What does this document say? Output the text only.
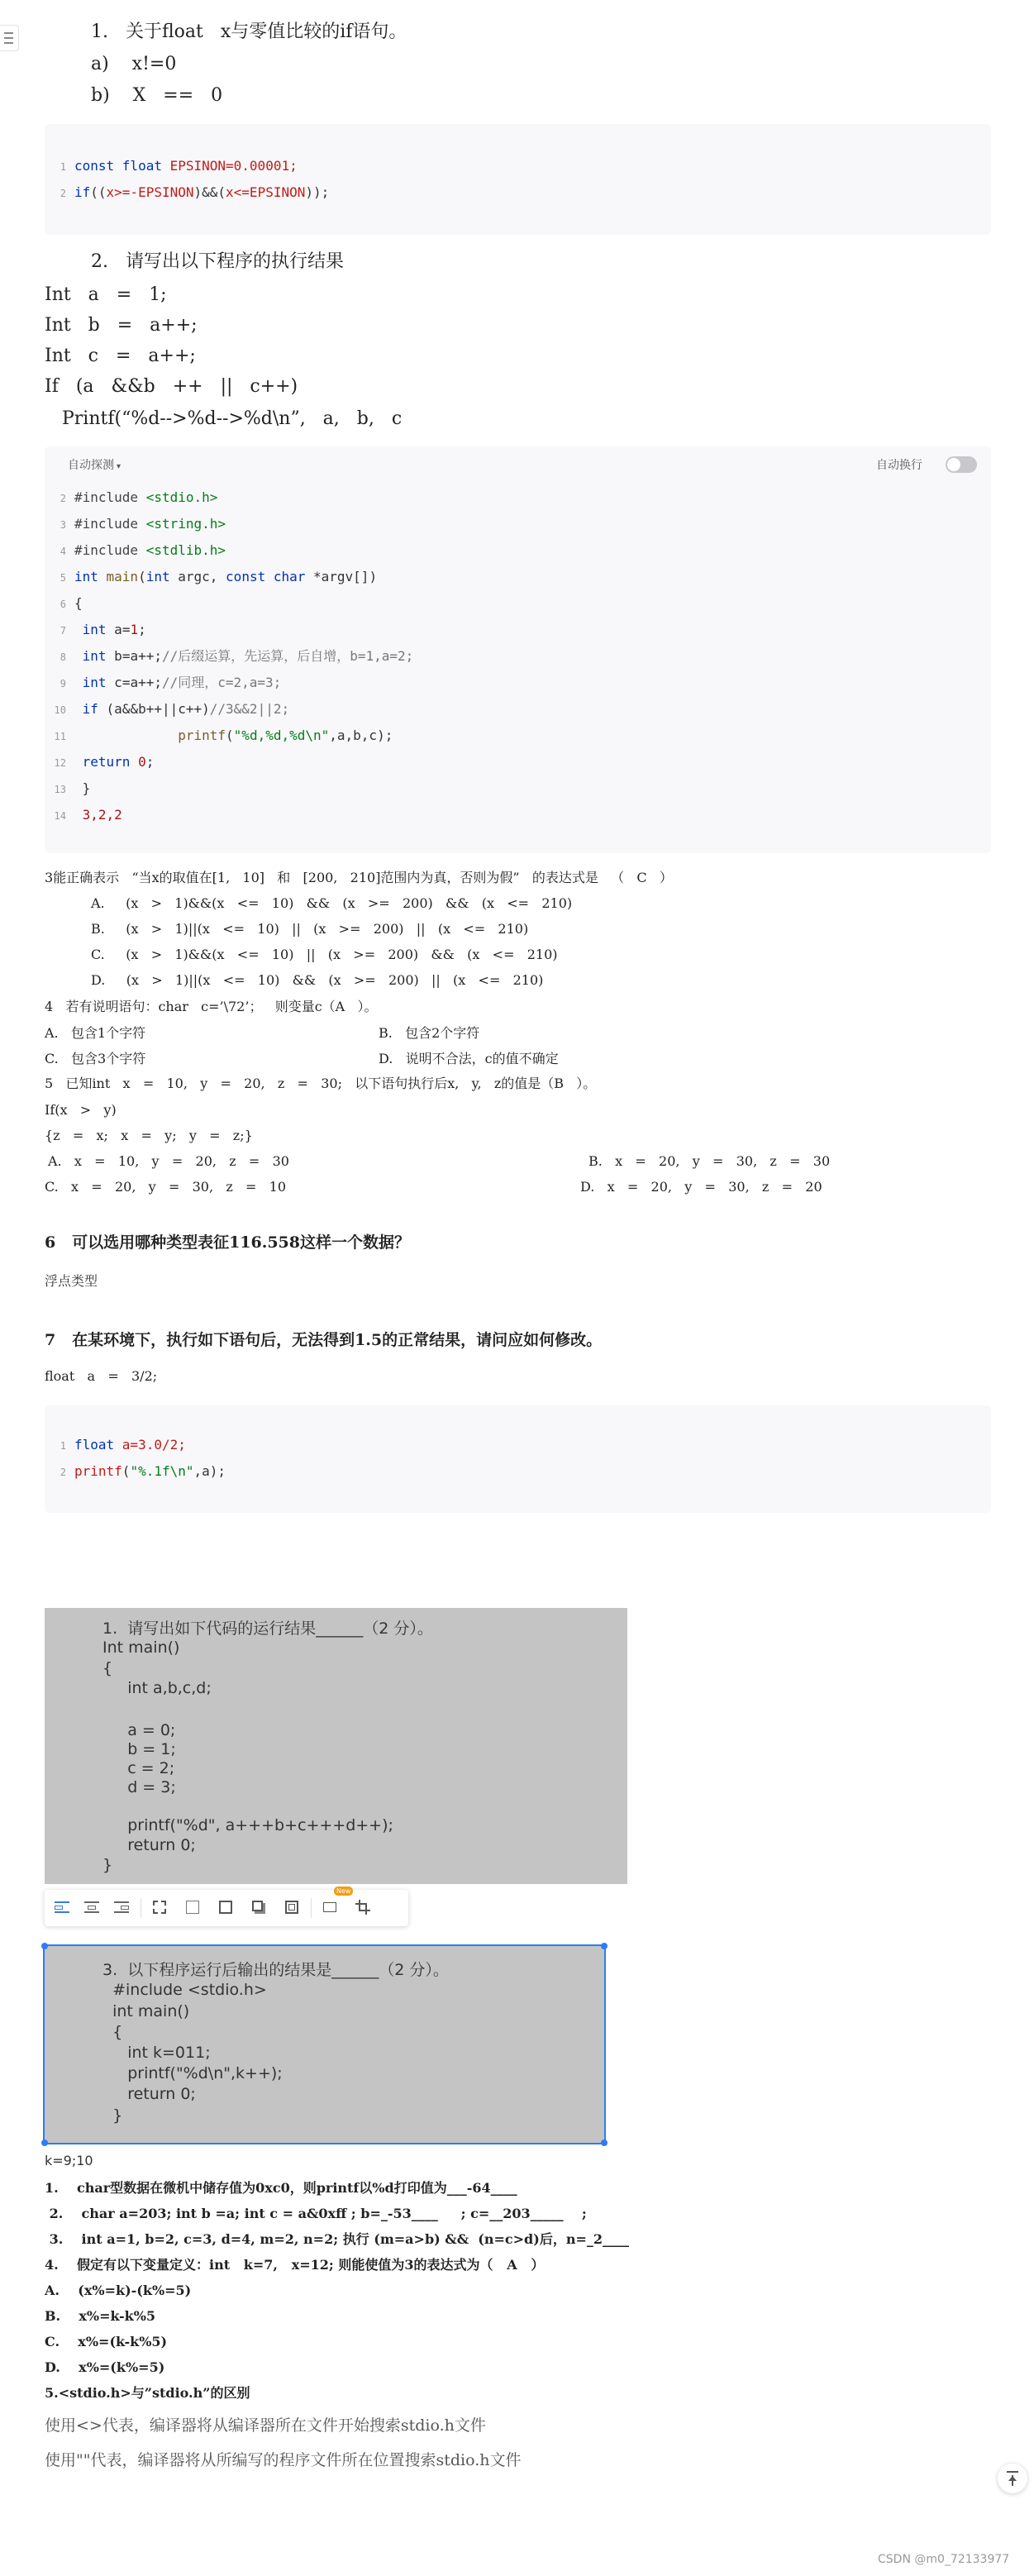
1.   关于float   x与零值比较的if语句。
a)    x!=0
b)    X   ==   0
1 const float EPSINON=0.00001;
2 if((x>=-EPSINON)&&(x<=EPSINON));
2.   请写出以下程序的执行结果
Int   a   =   1;
Int   b   =   a++;
Int   c   =   a++;
If   (a   &&b   ++   ||   c++)
Printf(“%d-->%d-->%d\n”,   a,   b,   c
自动探测 ▾	自动换行
2 #include <stdio.h>
3 #include <string.h>
4 #include <stdlib.h>
5 int main(int argc, const char *argv[])
6 {
7 int a=1;
8 int b=a++;//后缀运算，先运算，后自增，b=1,a=2;
9 int c=a++;//同理，c=2,a=3;
10 if (a&&b++||c++)//3&&2||2;
11	printf("%d,%d,%d\n",a,b,c);
12 return 0;
13 }
14 3,2,2
3能正确表示   “当x的取值在[1,   10]   和   [200,   210]范围内为真，否则为假”   的表达式是   （   C   ）
A.     (x   >   1)&&(x   <=   10)   &&   (x   >=   200)   &&   (x   <=   210)
B.     (x   >   1)||(x   <=   10)   ||   (x   >=   200)   ||   (x   <=   210)
C.     (x   >   1)&&(x   <=   10)   ||   (x   >=   200)   &&   (x   <=   210)
D.     (x   >   1)||(x   <=   10)   &&   (x   >=   200)   ||   (x   <=   210)
4   若有说明语句：char   c=’\72’；   则变量c（A   ）。
A.   包含1个字符	B.   包含2个字符
C.   包含3个字符	D.   说明不合法，c的值不确定
5   已知int   x   =   10,   y   =   20,   z   =   30;   以下语句执行后x,   y,   z的值是（B   ）。
If(x   >   y)
{z   =   x;   x   =   y;   y   =   z;}
A.   x   =   10,   y   =   20,   z   =   30	B.   x   =   20,   y   =   30,   z   =   30
C.   x   =   20,   y   =   30,   z   =   10	D.   x   =   20,   y   =   30,   z   =   20
6   可以选用哪种类型表征116.558这样一个数据？
浮点类型
7   在某环境下，执行如下语句后，无法得到1.5的正常结果，请问应如何修改。
float   a   =   3/2;
1 float a=3.0/2;
2 printf("%.1f\n",a);
1.  请写出如下代码的运行结果______（2 分）。
Int main()
{
int a,b,c,d;
a = 0;
b = 1;
c = 2;
d = 3;
printf("%d", a+++b+c+++d++);
return 0;
}
New
3.  以下程序运行后输出的结果是______（2 分）。
#include <stdio.h>
int main()
{
int k=011;
printf("%d\n",k++);
return 0;
}
k=9;10
1.    char型数据在微机中储存值为0xc0，则printf以%d打印值为___-64____
2.    char a=203; int b =a; int c = a&0xff ; b=_-53____     ; c=__203_____    ;
3.    int a=1, b=2, c=3, d=4, m=2, n=2; 执行 (m=a>b) &&  (n=c>d)后，n=_2____
4.    假定有以下变量定义：int   k=7,   x=12; 则能使值为3的表达式为（   A   ）
A.    (x%=k)-(k%=5)
B.    x%=k-k%5
C.    x%=(k-k%5)
D.    x%=(k%=5)
5.<stdio.h>与”stdio.h”的区别
使用<>代表，编译器将从编译器所在文件开始搜索stdio.h文件
使用""代表，编译器将从所编写的程序文件所在位置搜索stdio.h文件
CSDN @m0_72133977
